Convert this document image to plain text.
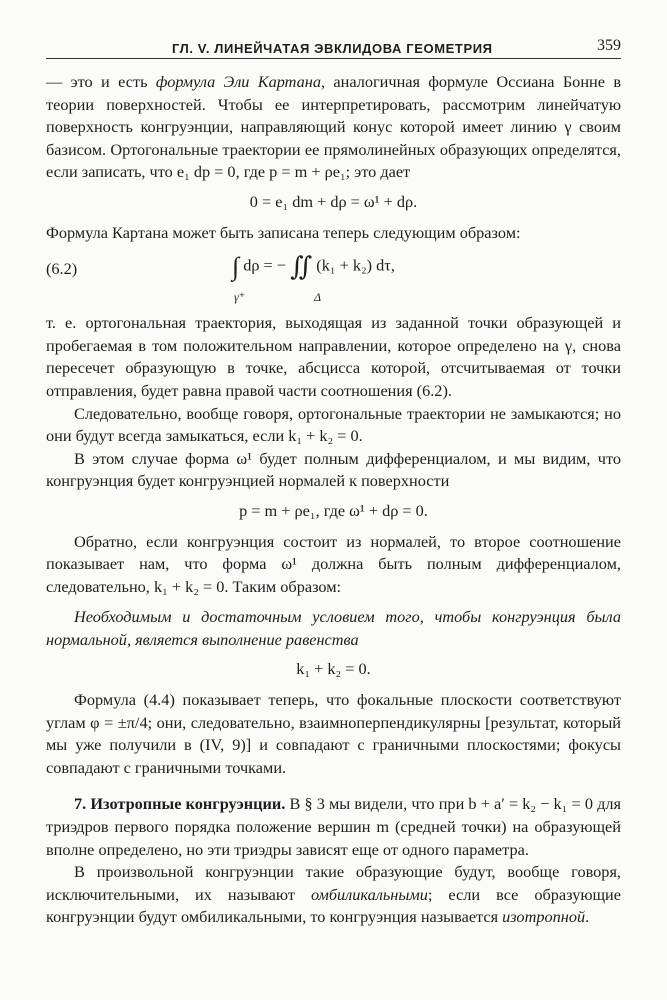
ГЛ. V. ЛИНЕЙЧАТАЯ ЭВКЛИДОВА ГЕОМЕТРИЯ	359

— это и есть формула Эли Картана, аналогичная формуле Оссиана Бонне в теории поверхностей. Чтобы ее интерпретировать, рассмотрим линейчатую поверхность конгруэнции, направляющий конус которой имеет линию γ своим базисом. Ортогональные траектории ее прямолинейных образующих определятся, если записать, что e₁ dp = 0, где p = m + ρe₁; это дает

0 = e₁ dm + dρ = ω¹ + dρ.

Формула Картана может быть записана теперь следующим образом:

(6.2)	∫ dρ = − ∬ (k₁ + k₂) dτ,
γ⁺	Δ

т. е. ортогональная траектория, выходящая из заданной точки образующей и пробегаемая в том положительном направлении, которое определено на γ, снова пересечет образующую в точке, абсцисса которой, отсчитываемая от точки отправления, будет равна правой части соотношения (6.2).

Следовательно, вообще говоря, ортогональные траектории не замыкаются; но они будут всегда замыкаться, если k₁ + k₂ = 0.

В этом случае форма ω¹ будет полным дифференциалом, и мы видим, что конгруэнция будет конгруэнцией нормалей к поверхности

p = m + ρe₁, где ω¹ + dρ = 0.

Обратно, если конгруэнция состоит из нормалей, то второе соотношение показывает нам, что форма ω¹ должна быть полным дифференциалом, следовательно, k₁ + k₂ = 0. Таким образом:

Необходимым и достаточным условием того, чтобы конгруэнция была нормальной, является выполнение равенства

k₁ + k₂ = 0.

Формула (4.4) показывает теперь, что фокальные плоскости соответствуют углам φ = ±π/4; они, следовательно, взаимноперпендикулярны [результат, который мы уже получили в (IV, 9)] и совпадают с граничными плоскостями; фокусы совпадают с граничными точками.

7. Изотропные конгруэнции. В § 3 мы видели, что при b + a′ = k₂ − k₁ = 0 для триэдров первого порядка положение вершин m (средней точки) на образующей вполне определено, но эти триэдры зависят еще от одного параметра.

В произвольной конгруэнции такие образующие будут, вообще говоря, исключительными, их называют омбиликальными; если все образующие конгруэнции будут омбиликальными, то конгруэнция называется изотропной.
